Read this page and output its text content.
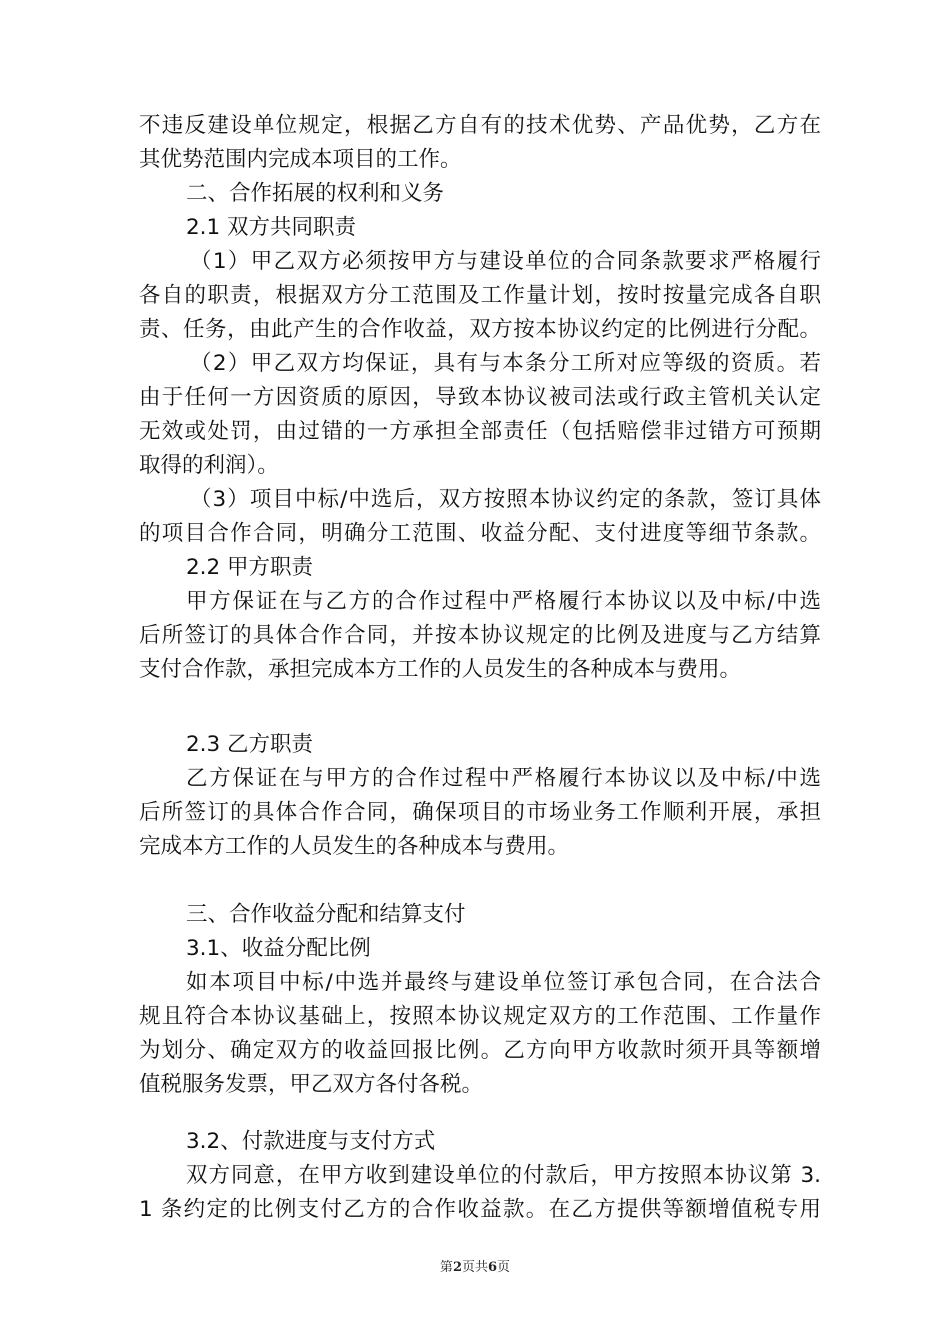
不违反建设单位规定，根据乙方自有的技术优势、产品优势，乙方在
其优势范围内完成本项目的工作。
二、合作拓展的权利和义务
2.1 双方共同职责
（1）甲乙双方必须按甲方与建设单位的合同条款要求严格履行
各自的职责，根据双方分工范围及工作量计划，按时按量完成各自职
责、任务，由此产生的合作收益，双方按本协议约定的比例进行分配。
（2）甲乙双方均保证，具有与本条分工所对应等级的资质。若
由于任何一方因资质的原因，导致本协议被司法或行政主管机关认定
无效或处罚，由过错的一方承担全部责任（包括赔偿非过错方可预期
取得的利润）。
（3）项目中标/中选后，双方按照本协议约定的条款，签订具体
的项目合作合同，明确分工范围、收益分配、支付进度等细节条款。
2.2 甲方职责
甲方保证在与乙方的合作过程中严格履行本协议以及中标/中选
后所签订的具体合作合同，并按本协议规定的比例及进度与乙方结算
支付合作款，承担完成本方工作的人员发生的各种成本与费用。
2.3 乙方职责
乙方保证在与甲方的合作过程中严格履行本协议以及中标/中选
后所签订的具体合作合同，确保项目的市场业务工作顺利开展，承担
完成本方工作的人员发生的各种成本与费用。
三、合作收益分配和结算支付
3.1、收益分配比例
如本项目中标/中选并最终与建设单位签订承包合同，在合法合
规且符合本协议基础上，按照本协议规定双方的工作范围、工作量作
为划分、确定双方的收益回报比例。乙方向甲方收款时须开具等额增
值税服务发票，甲乙双方各付各税。
3.2、付款进度与支付方式
双方同意，在甲方收到建设单位的付款后，甲方按照本协议第 3.
1 条约定的比例支付乙方的合作收益款。在乙方提供等额增值税专用
第2页共6页
